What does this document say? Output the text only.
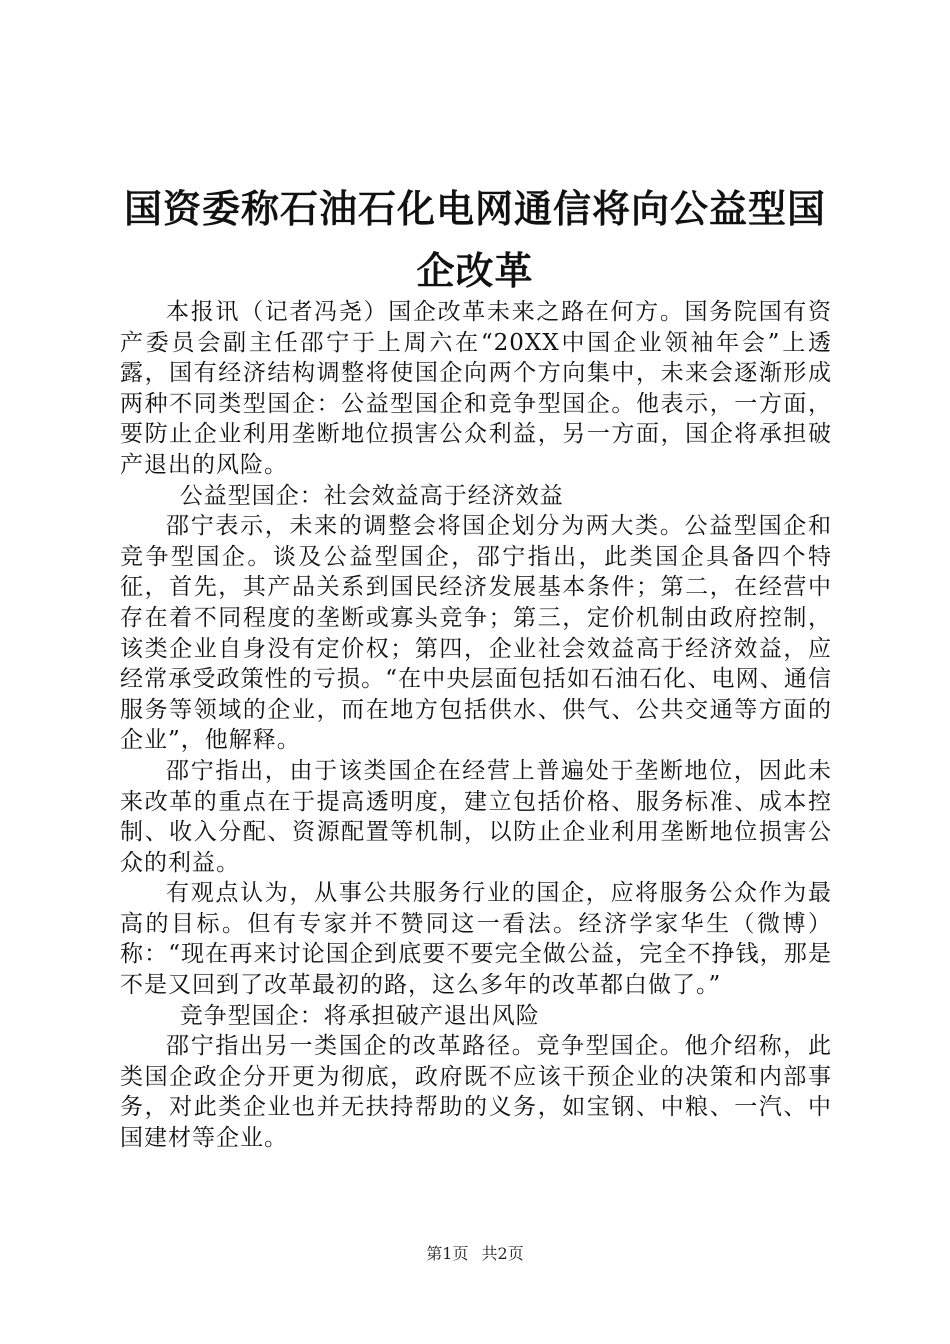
国资委称石油石化电网通信将向公益型国企改革

本报讯（记者冯尧）国企改革未来之路在何方。国务院国有资产委员会副主任邵宁于上周六在“20XX中国企业领袖年会”上透露，国有经济结构调整将使国企向两个方向集中，未来会逐渐形成两种不同类型国企：公益型国企和竞争型国企。他表示，一方面，要防止企业利用垄断地位损害公众利益，另一方面，国企将承担破产退出的风险。

公益型国企：社会效益高于经济效益

邵宁表示，未来的调整会将国企划分为两大类。公益型国企和竞争型国企。谈及公益型国企，邵宁指出，此类国企具备四个特征，首先，其产品关系到国民经济发展基本条件；第二，在经营中存在着不同程度的垄断或寡头竞争；第三，定价机制由政府控制，该类企业自身没有定价权；第四，企业社会效益高于经济效益，应经常承受政策性的亏损。“在中央层面包括如石油石化、电网、通信服务等领域的企业，而在地方包括供水、供气、公共交通等方面的企业”，他解释。

邵宁指出，由于该类国企在经营上普遍处于垄断地位，因此未来改革的重点在于提高透明度，建立包括价格、服务标准、成本控制、收入分配、资源配置等机制，以防止企业利用垄断地位损害公众的利益。

有观点认为，从事公共服务行业的国企，应将服务公众作为最高的目标。但有专家并不赞同这一看法。经济学家华生（微博）称：“现在再来讨论国企到底要不要完全做公益，完全不挣钱，那是不是又回到了改革最初的路，这么多年的改革都白做了。”

竞争型国企：将承担破产退出风险

邵宁指出另一类国企的改革路径。竞争型国企。他介绍称，此类国企政企分开更为彻底，政府既不应该干预企业的决策和内部事务，对此类企业也并无扶持帮助的义务，如宝钢、中粮、一汽、中国建材等企业。

第1页 共2页
